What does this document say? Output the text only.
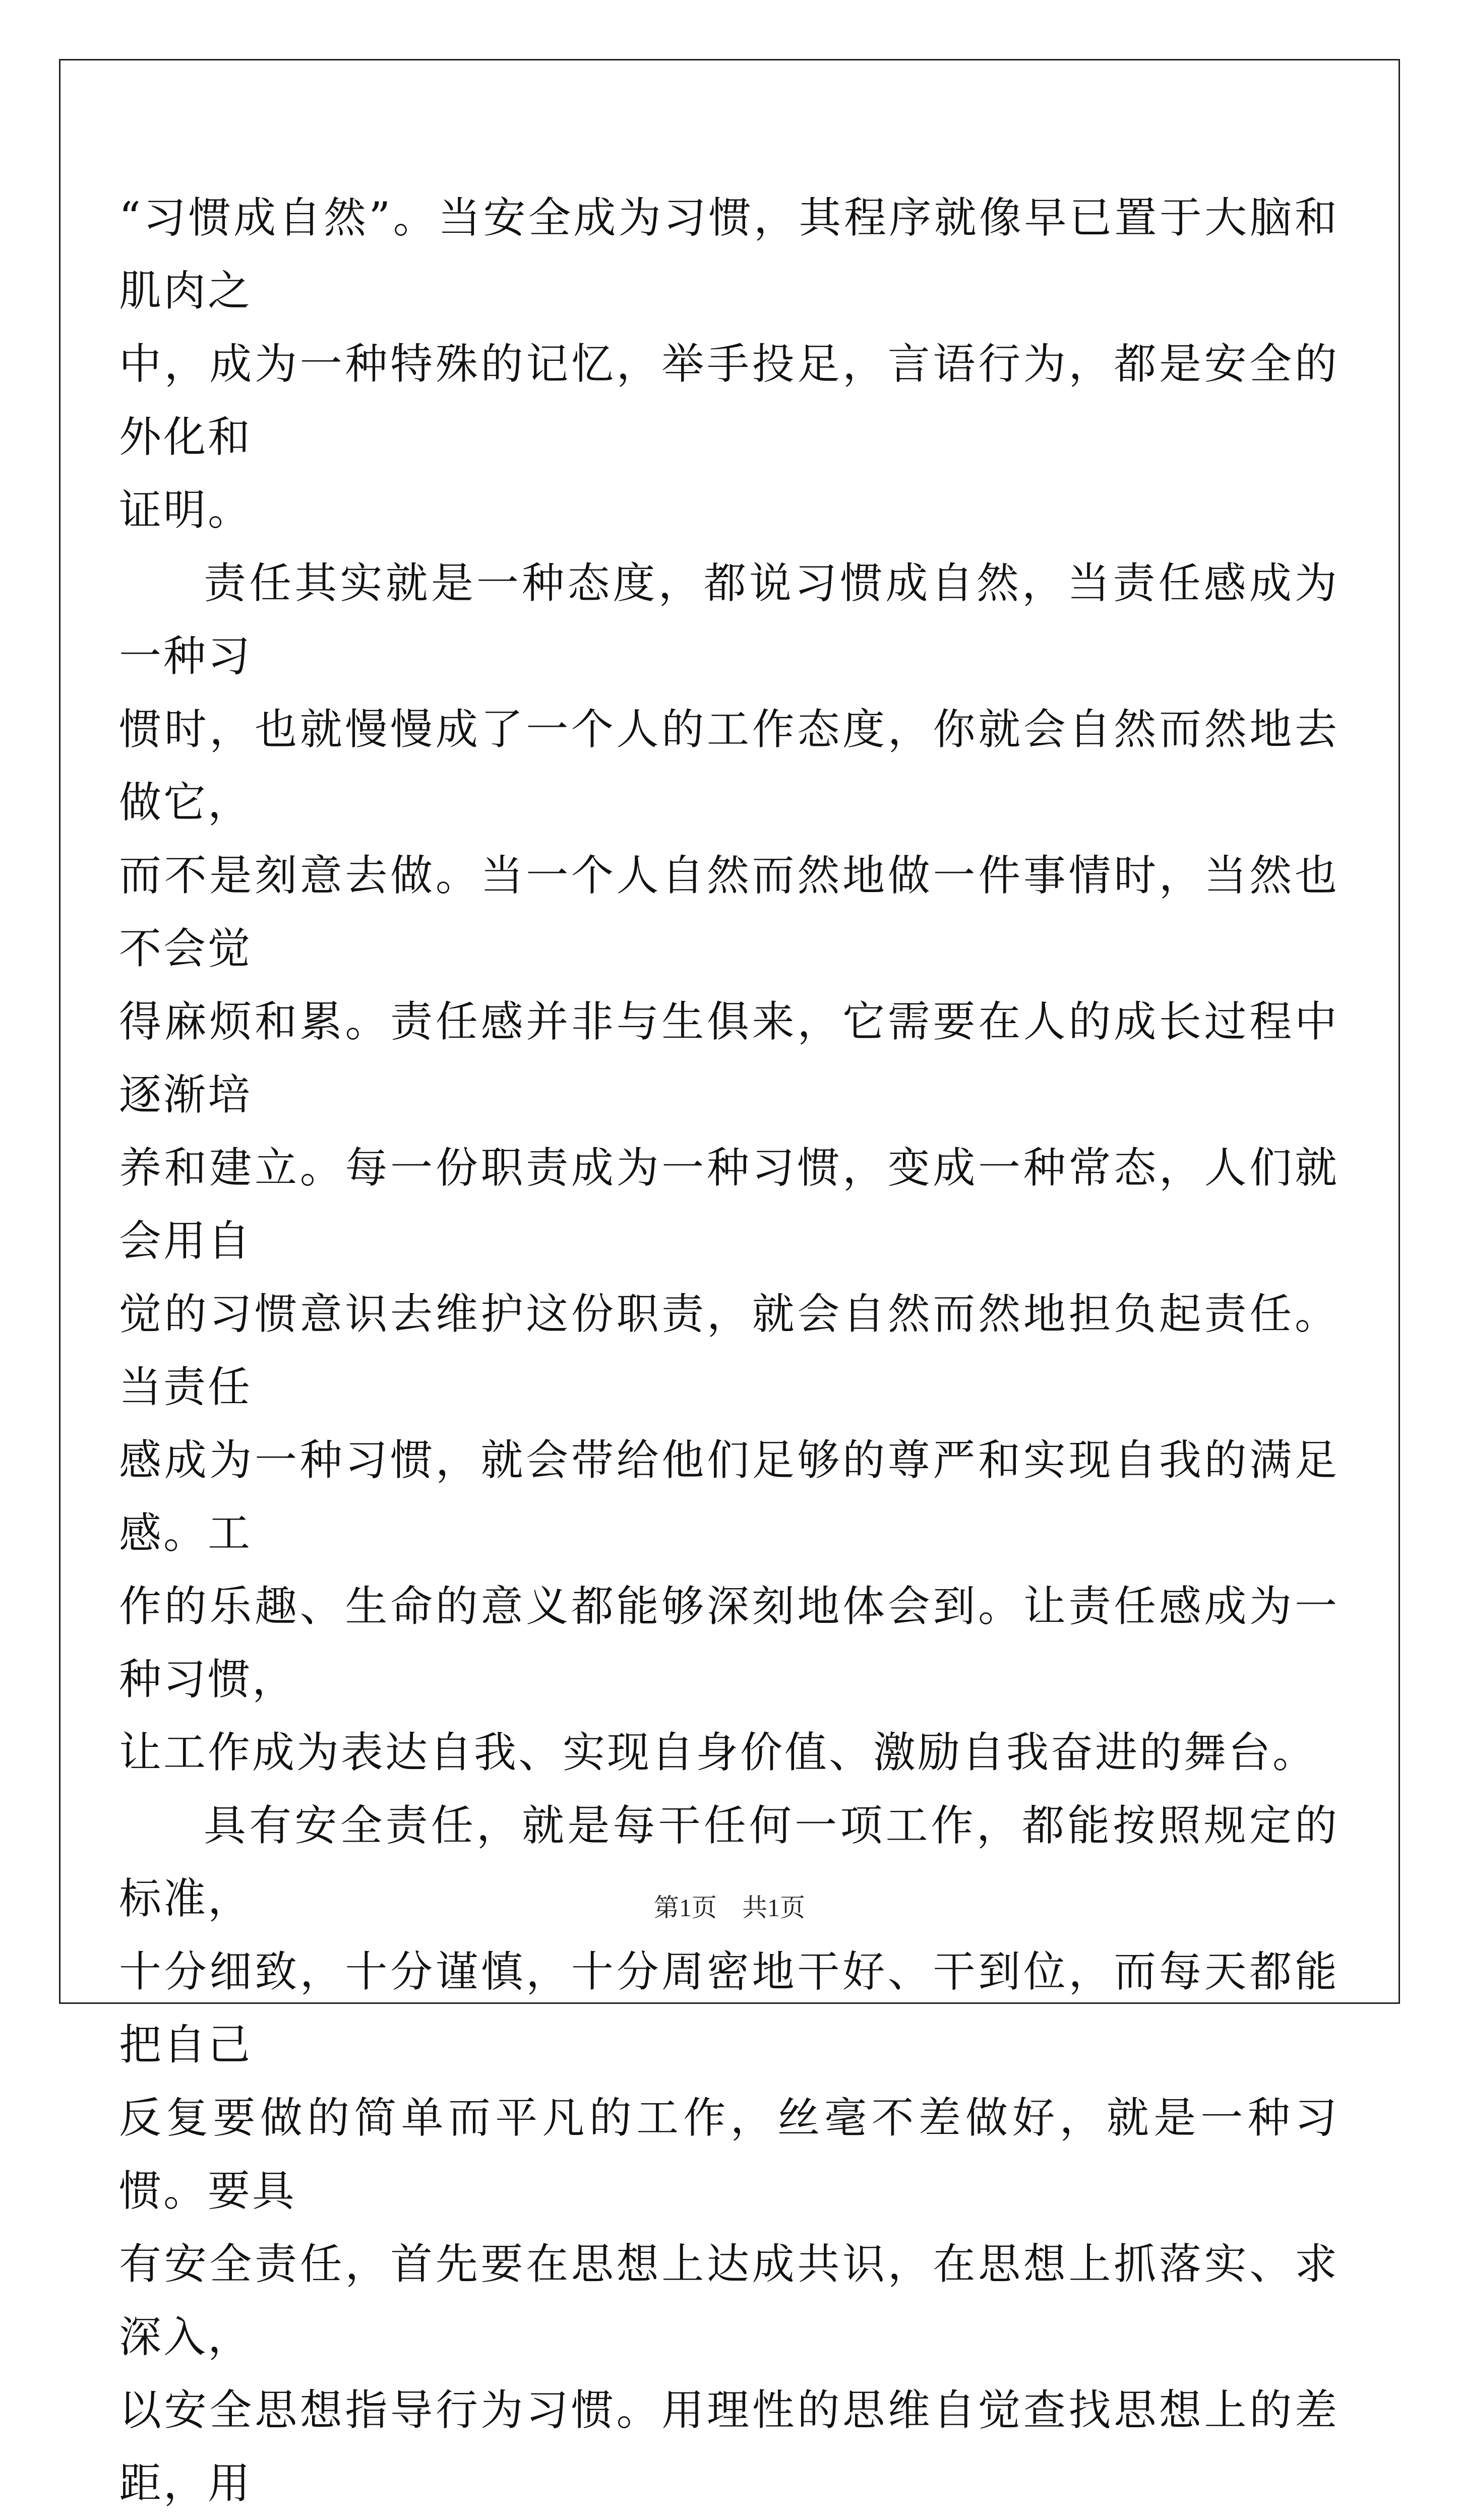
“习惯成自然”。当安全成为习惯，其程序就像早已置于大脑和肌肉之
中，成为一种特殊的记忆，举手投足，言语行为，都是安全的外化和
证明。
责任其实就是一种态度，都说习惯成自然，当责任感成为一种习
惯时，也就慢慢成了一个人的工作态度，你就会自然而然地去做它，
而不是刻意去做。当一个人自然而然地做一件事情时，当然也不会觉
得麻烦和累。责任感并非与生俱来，它需要在人的成长过程中逐渐培
养和建立。每一份职责成为一种习惯，变成一种常态，人们就会用自
觉的习惯意识去维护这份职责，就会自然而然地担负起责任。当责任
感成为一种习惯，就会带给他们足够的尊严和实现自我的满足感。工
作的乐趣、生命的意义都能够深刻地体会到。让责任感成为一种习惯，
让工作成为表达自我、实现自身价值、激励自我奋进的舞台。
具有安全责任，就是每干任何一项工作，都能按照规定的标准，
十分细致，十分谨慎，十分周密地干好、干到位，而每天都能把自己
反复要做的简单而平凡的工作，丝毫不差做好，就是一种习惯。要具
有安全责任，首先要在思想上达成共识，在思想上抓落实、求深入，
以安全思想指导行为习惯。用理性的思维自觉查找思想上的差距，用
第1页　共1页
